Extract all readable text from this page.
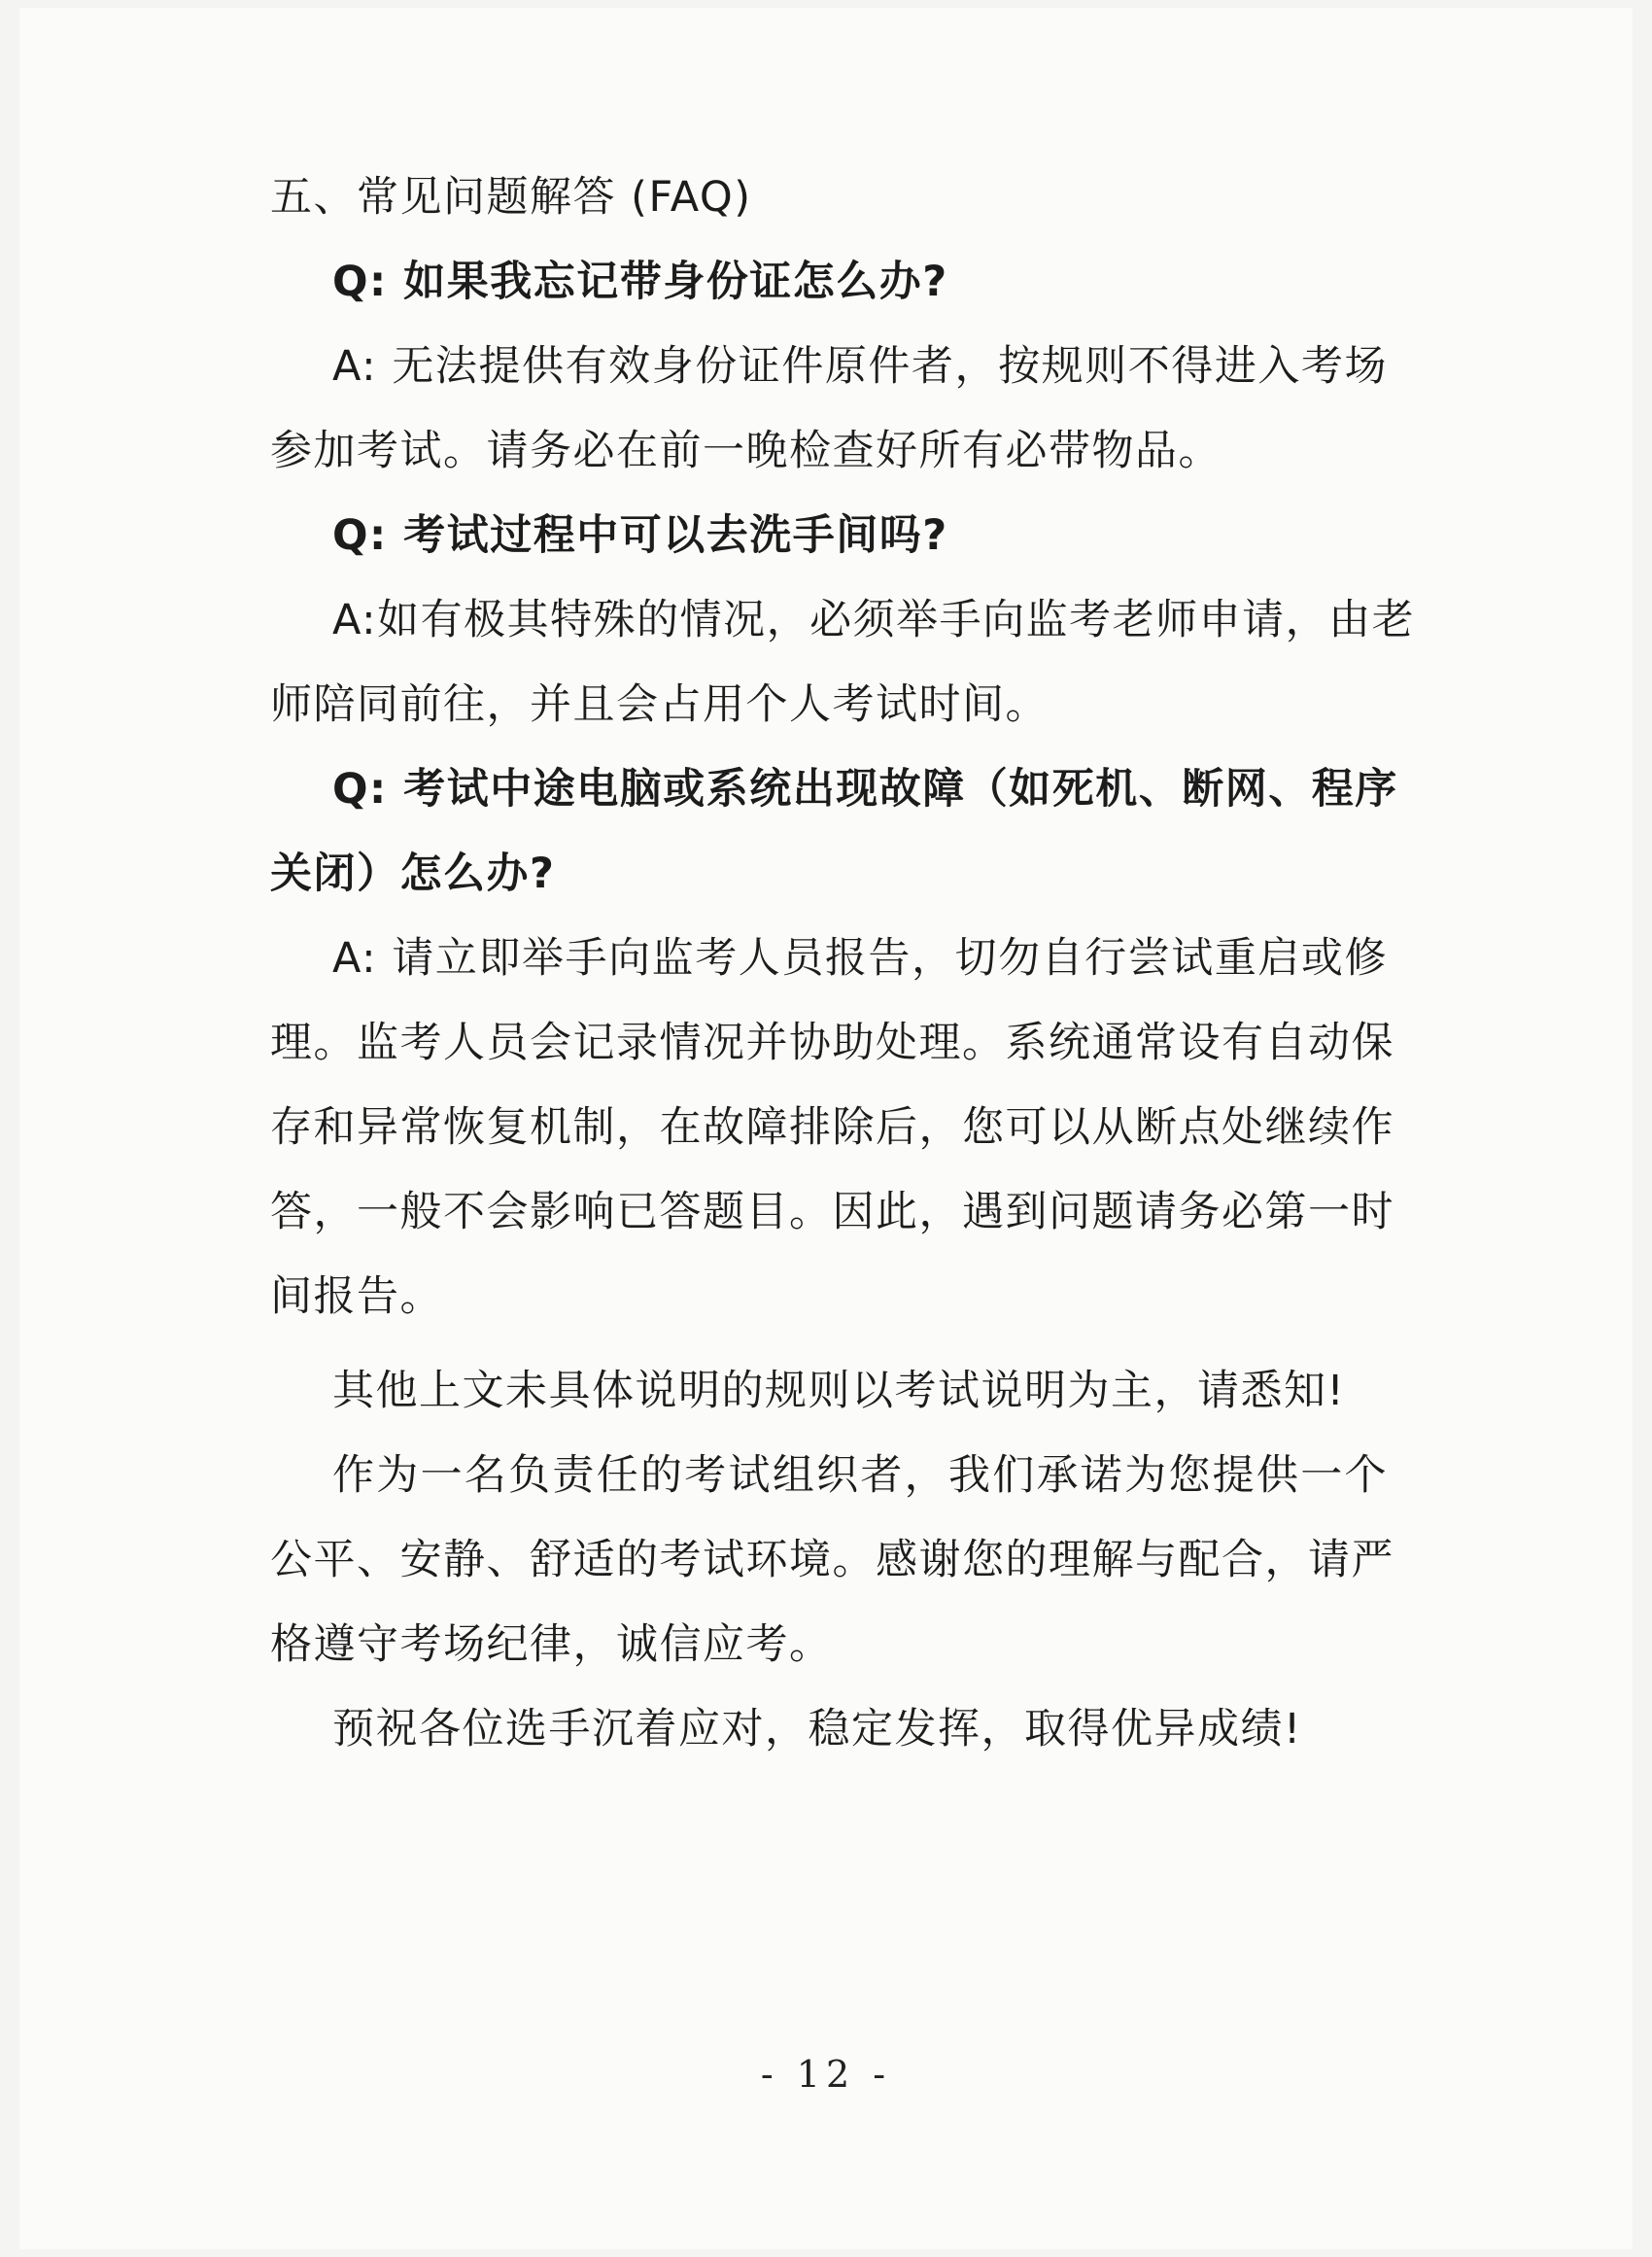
五、常见问题解答 (FAQ)
Q: 如果我忘记带身份证怎么办?
A: 无法提供有效身份证件原件者，按规则不得进入考场
参加考试。请务必在前一晚检查好所有必带物品。
Q: 考试过程中可以去洗手间吗?
A:如有极其特殊的情况，必须举手向监考老师申请，由老
师陪同前往，并且会占用个人考试时间。
Q: 考试中途电脑或系统出现故障（如死机、断网、程序
关闭）怎么办?
A: 请立即举手向监考人员报告，切勿自行尝试重启或修
理。监考人员会记录情况并协助处理。系统通常设有自动保
存和异常恢复机制，在故障排除后，您可以从断点处继续作
答，一般不会影响已答题目。因此，遇到问题请务必第一时
间报告。
其他上文未具体说明的规则以考试说明为主，请悉知!
作为一名负责任的考试组织者，我们承诺为您提供一个
公平、安静、舒适的考试环境。感谢您的理解与配合，请严
格遵守考场纪律，诚信应考。
预祝各位选手沉着应对，稳定发挥，取得优异成绩!
- 12 -
